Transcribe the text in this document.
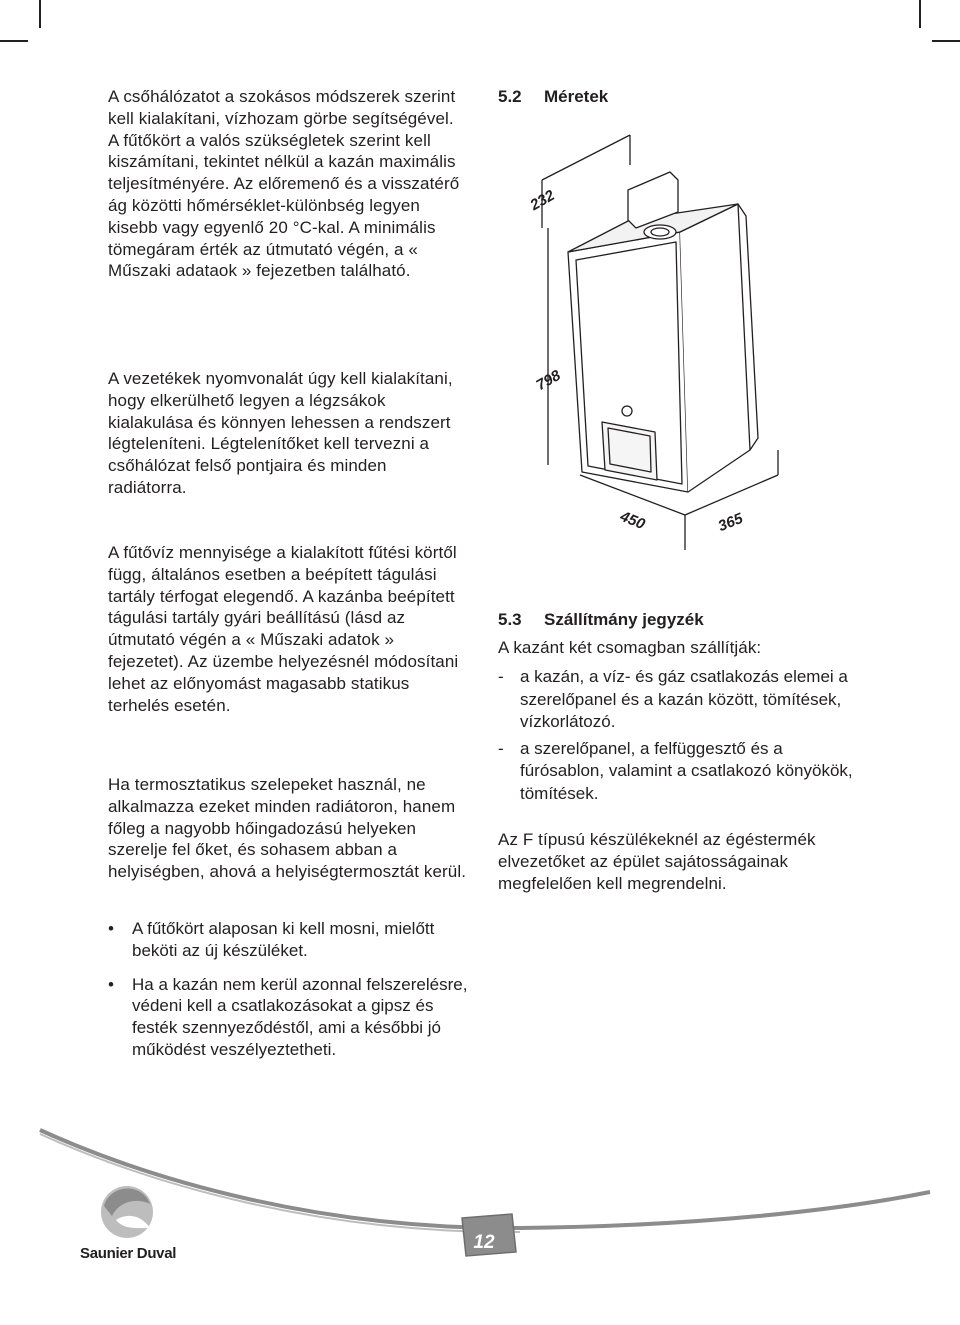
A csőhálózatot a szokásos módszerek szerint kell kialakítani, vízhozam görbe segítségével. A fűtőkört a valós szükségletek szerint kell kiszámítani, tekintet nélkül a kazán maximális teljesítményére. Az előremenő és a visszatérő ág közötti hőmérséklet-különbség legyen kisebb vagy egyenlő 20 °C-kal. A minimális tömegáram érték az útmutató végén, a « Műszaki adataok » fejezetben található.

A vezetékek nyomvonalát úgy kell kialakítani, hogy elkerülhető legyen a légzsákok kialakulása és könnyen lehessen a rendszert légteleníteni. Légtelenítőket kell tervezni a csőhálózat felső pontjaira és minden radiátorra.

A fűtővíz mennyisége a kialakított fűtési körtől függ, általános esetben a beépített tágulási tartály térfogat elegendő. A kazánba beépített tágulási tartály gyári beállítású (lásd az útmutató végén a « Műszaki adatok » fejezetet). Az üzembe helyezésnél módosítani lehet az előnyomást magasabb statikus terhelés esetén.

Ha termosztatikus szelepeket használ, ne alkalmazza ezeket minden radiátoron, hanem főleg a nagyobb hőingadozású helyeken szerelje fel őket, és sohasem abban a helyiségben, ahová a helyiségtermosztát kerül.

• A fűtőkört alaposan ki kell mosni, mielőtt beköti az új készüléket.
• Ha a kazán nem kerül azonnal felszerelésre, védeni kell a csatlakozásokat a gipsz és festék szennyeződéstől, ami a későbbi jó működést veszélyeztetheti.
5.2 Méretek
232
798
450	365
5.3 Szállítmány jegyzék

A kazánt két csomagban szállítják:

- a kazán, a víz- és gáz csatlakozás elemei a szerelőpanel és a kazán között, tömítések, vízkorlátozó.
- a szerelőpanel, a felfüggesztő és a fúrósablon, valamint a csatlakozó könyökök, tömítések.

Az F típusú készülékeknél az égéstermék elvezetőket az épület sajátosságainak megfelelően kell megrendelni.

Saunier Duval
12
